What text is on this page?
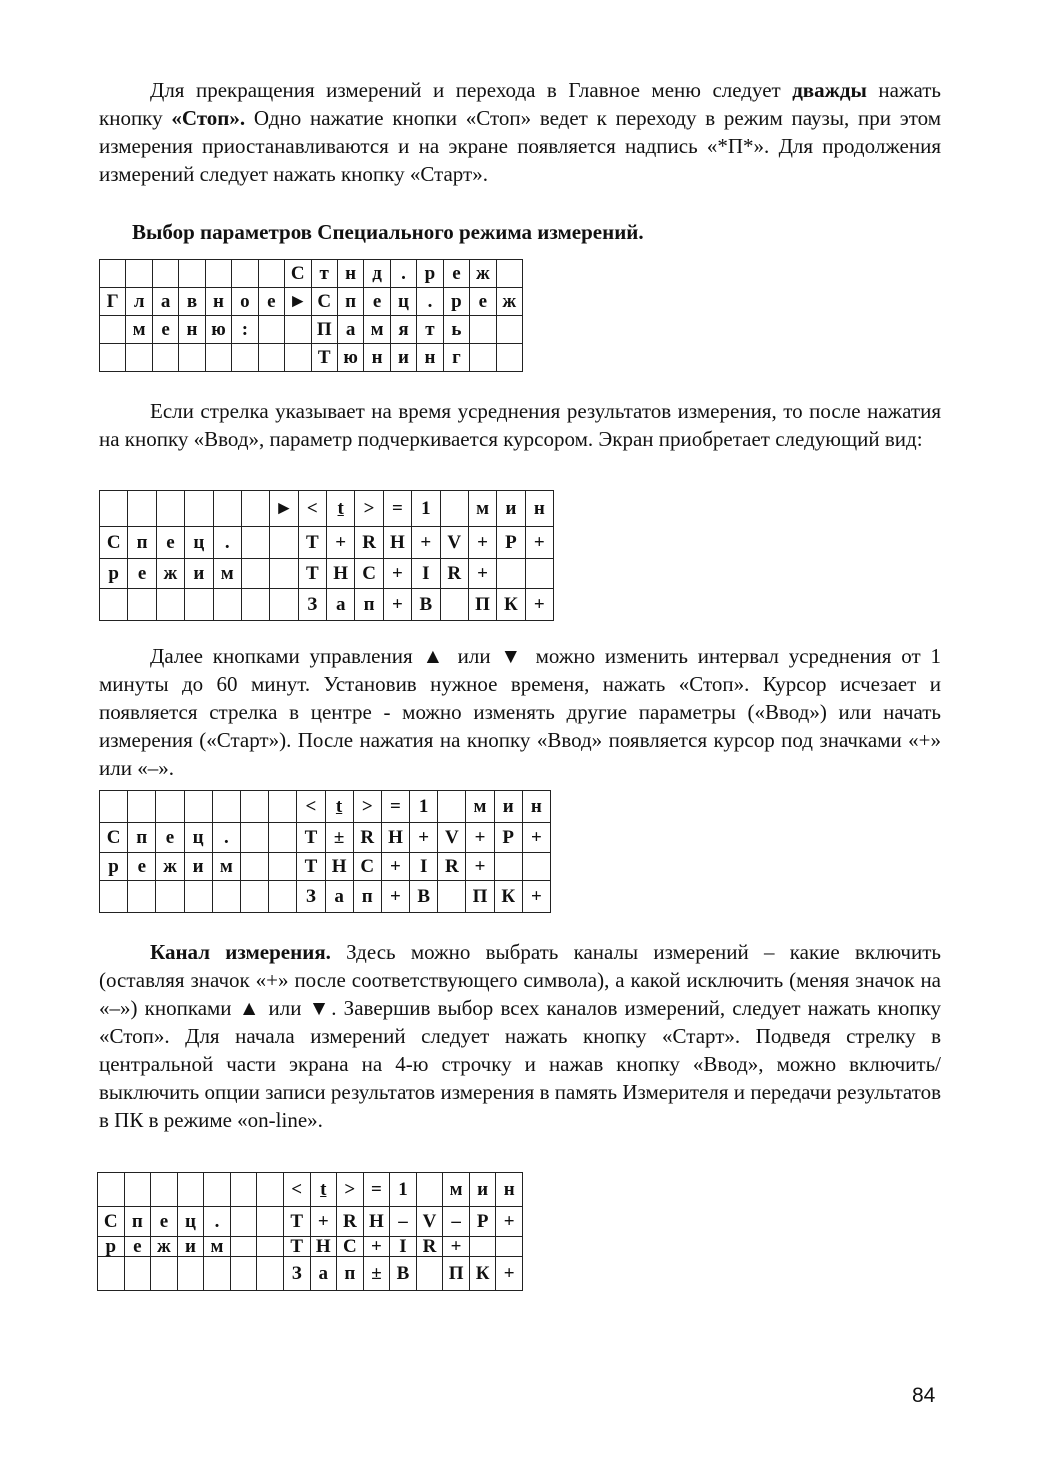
Для прекращения измерений и перехода в Главное меню следует дважды нажать кнопку «Стоп». Одно нажатие кнопки «Стоп» ведет к переходу в режим паузы, при этом измерения приостанавливаются и на экране появляется надпись «*П*». Для продолжения измерений следует нажать кнопку «Старт».

Выбор параметров Специального режима измерений.

							С	т	н	д	.	р	е	ж	
Г	л	а	в	н	о	е	►	С	п	е	ц	.	р	е	ж
	м	е	н	ю	:			П	а	м	я	т	ь		
								Т	ю	н	и	н	г		

Если стрелка указывает на время усреднения результатов измерения, то после нажатия на кнопку «Ввод», параметр подчеркивается курсором. Экран приобретает следующий вид:

						►	<	t	>	=	1		м	и	н
С	п	е	ц	.			Т	+	R	H	+	V	+	Р	+
р	е	ж	и	м			Т	Н	С	+	I	R	+		
							З	а	п	+	В		П	К	+

Далее кнопками управления ▲ или ▼ можно изменить интервал усреднения от 1 минуты до 60 минут. Установив нужное временя, нажать «Стоп». Курсор исчезает и появляется стрелка в центре - можно изменять другие параметры («Ввод») или начать измерения («Старт»). После нажатия на кнопку «Ввод» появляется курсор под значками «+» или «–».

							<	t	>	=	1		м	и	н
С	п	е	ц	.			Т	±	R	H	+	V	+	Р	+
р	е	ж	и	м			Т	Н	С	+	I	R	+		
							З	а	п	+	В		П	К	+

Канал измерения. Здесь можно выбрать каналы измерений – какие включить (оставляя значок «+» после соответствующего символа), а какой исключить (меняя значок на «–») кнопками ▲ или ▼. Завершив выбор всех каналов измерений, следует нажать кнопку «Стоп». Для начала измерений следует нажать кнопку «Старт». Подведя стрелку в центральной части экрана на 4-ю строчку и нажав кнопку «Ввод», можно включить/выключить опции записи результатов измерения в память Измерителя и передачи результатов в ПК в режиме «on-line».

							<	t	>	=	1		м	и	н
С	п	е	ц	.			Т	+	R	H	–	V	–	Р	+
р	е	ж	и	м			Т	Н	С	+	I	R	+		
							З	а	п	±	В		П	К	+

84
